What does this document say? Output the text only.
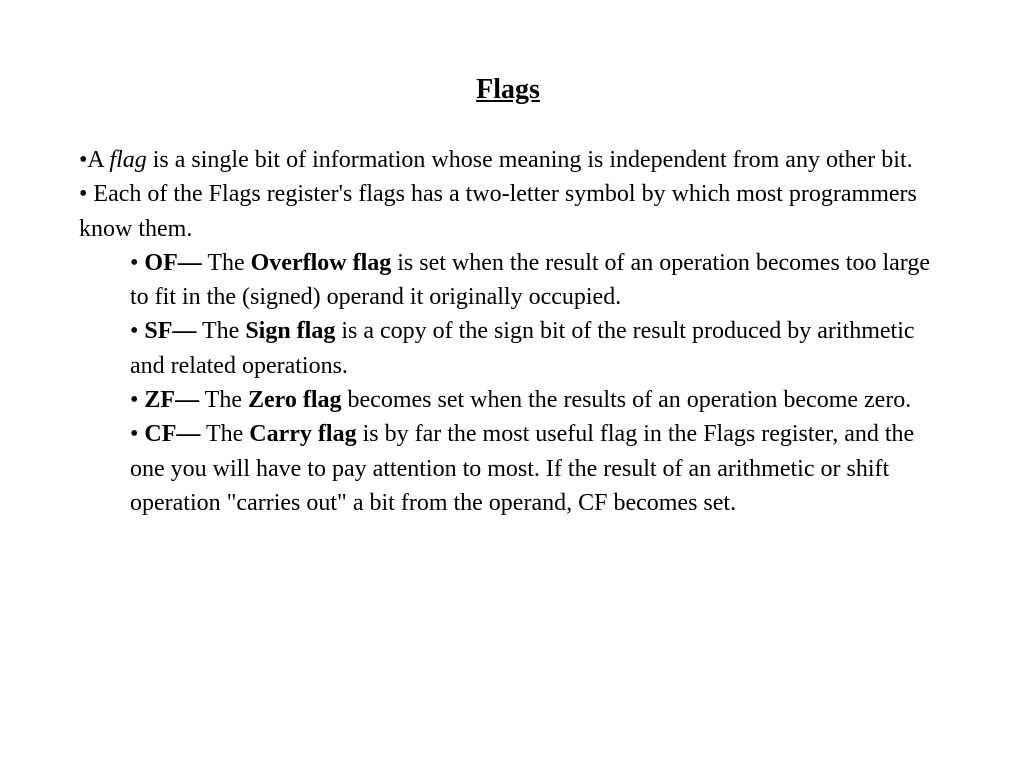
Flags

•A flag is a single bit of information whose meaning is independent from any other bit.

• Each of the Flags register's flags has a two-letter symbol by which most programmers know them.

• OF— The Overflow flag is set when the result of an operation becomes too large to fit in the (signed) operand it originally occupied.

• SF— The Sign flag is a copy of the sign bit of the result produced by arithmetic and related operations.

• ZF— The Zero flag becomes set when the results of an operation become zero.

• CF— The Carry flag is by far the most useful flag in the Flags register, and the one you will have to pay attention to most. If the result of an arithmetic or shift operation "carries out" a bit from the operand, CF becomes set.
